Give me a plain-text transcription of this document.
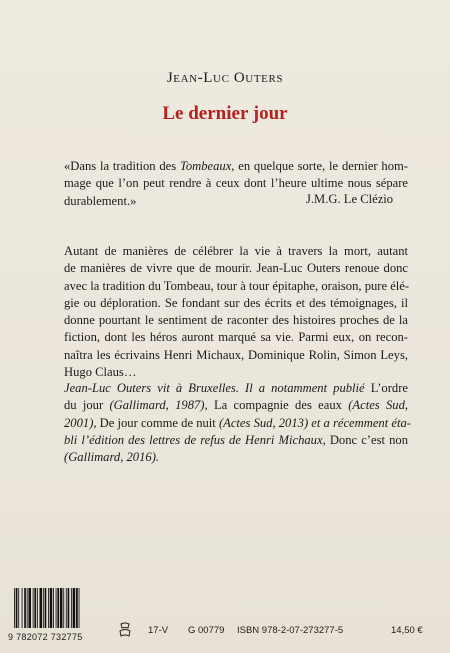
Jean-Luc Outers
Le dernier jour
«Dans la tradition des Tombeaux, en quelque sorte, le dernier hom-
mage que l’on peut rendre à ceux dont l’heure ultime nous sépare
durablement.»	J.M.G. Le Clézio
Autant de manières de célébrer la vie à travers la mort, autant
de manières de vivre que de mourir. Jean-Luc Outers renoue donc
avec la tradition du Tombeau, tour à tour épitaphe, oraison, pure élé-
gie ou déploration. Se fondant sur des écrits et des témoignages, il
donne pourtant le sentiment de raconter des histoires proches de la
fiction, dont les héros auront marqué sa vie. Parmi eux, on recon-
naîtra les écrivains Henri Michaux, Dominique Rolin, Simon Leys,
Hugo Claus…
Jean-Luc Outers vit à Bruxelles. Il a notamment publié L’ordre
du jour (Gallimard, 1987), La compagnie des eaux (Actes Sud,
2001), De jour comme de nuit (Actes Sud, 2013) et a récemment éta-
bli l’édition des lettres de refus de Henri Michaux, Donc c’est non
(Gallimard, 2016).
9 782072 732775
17-V G 00779 ISBN 978-2-07-273277-5	14,50 €
